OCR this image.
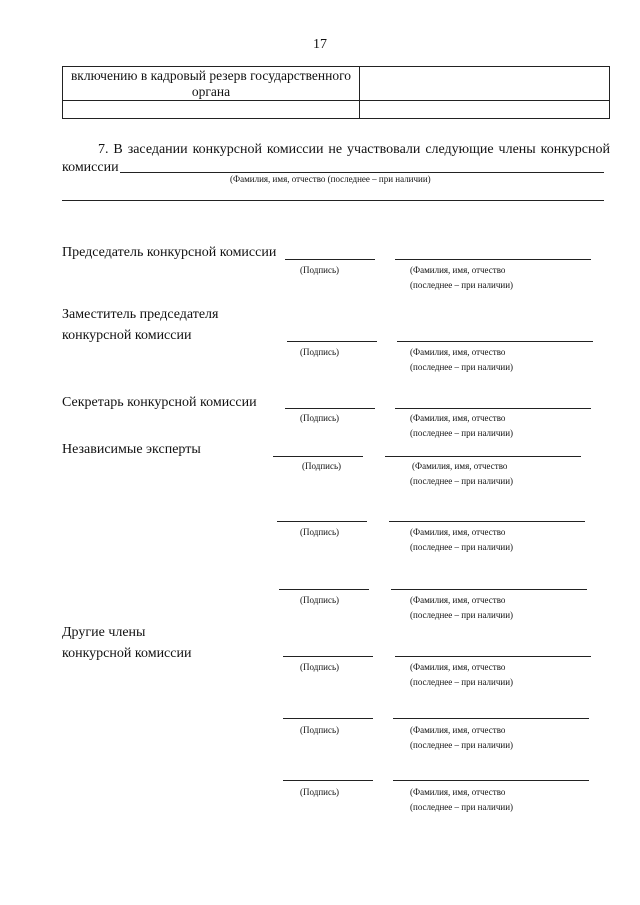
17
включению в кадровый резерв государственного органа	

7. В заседании конкурсной комиссии не участвовали следующие члены конкурсной
комиссии
(Фамилия, имя, отчество (последнее – при наличии)
Председатель конкурсной комиссии
(Подпись)	(Фамилия, имя, отчество
(последнее – при наличии)
Заместитель председателя
конкурсной комиссии
(Подпись)	(Фамилия, имя, отчество
(последнее – при наличии)
Секретарь конкурсной комиссии
(Подпись)	(Фамилия, имя, отчество
(последнее – при наличии)
Независимые эксперты
(Подпись)	(Фамилия, имя, отчество
(последнее – при наличии)
(Подпись)	(Фамилия, имя, отчество
(последнее – при наличии)
(Подпись)	(Фамилия, имя, отчество
(последнее – при наличии)
Другие члены
конкурсной комиссии
(Подпись)	(Фамилия, имя, отчество
(последнее – при наличии)
(Подпись)	(Фамилия, имя, отчество
(последнее – при наличии)
(Подпись)	(Фамилия, имя, отчество
(последнее – при наличии)
